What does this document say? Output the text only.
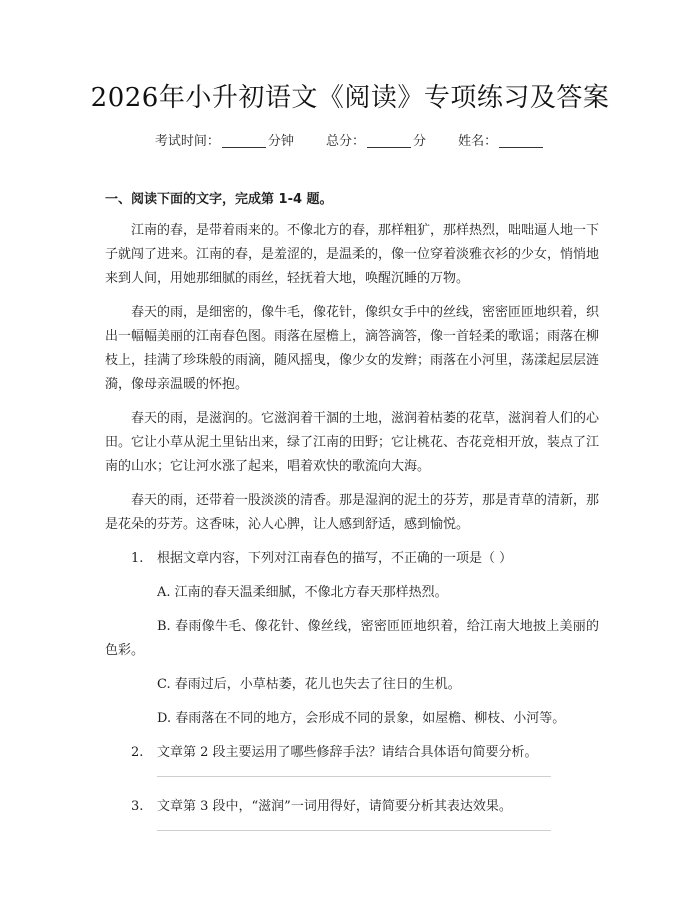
2026年小升初语文《阅读》专项练习及答案
考试时间：	分钟 总分：	分 姓名：
一、阅读下面的文字，完成第 1-4 题。

江南的春，是带着雨来的。不像北方的春，那样粗犷，那样热烈，咄咄逼人地一下子就闯了进来。江南的春，是羞涩的，是温柔的，像一位穿着淡雅衣衫的少女，悄悄地来到人间，用她那细腻的雨丝，轻抚着大地，唤醒沉睡的万物。

春天的雨，是细密的，像牛毛，像花针，像织女手中的丝线，密密匝匝地织着，织出一幅幅美丽的江南春色图。雨落在屋檐上，滴答滴答，像一首轻柔的歌谣；雨落在柳枝上，挂满了珍珠般的雨滴，随风摇曳，像少女的发辫；雨落在小河里，荡漾起层层涟漪，像母亲温暖的怀抱。

春天的雨，是滋润的。它滋润着干涸的土地，滋润着枯萎的花草，滋润着人们的心田。它让小草从泥土里钻出来，绿了江南的田野；它让桃花、杏花竞相开放，装点了江南的山水；它让河水涨了起来，唱着欢快的歌流向大海。

春天的雨，还带着一股淡淡的清香。那是湿润的泥土的芬芳，那是青草的清新，那是花朵的芬芳。这香味，沁人心脾，让人感到舒适，感到愉悦。

1. 根据文章内容，下列对江南春色的描写，不正确的一项是（ ）

A. 江南的春天温柔细腻，不像北方春天那样热烈。

B. 春雨像牛毛、像花针、像丝线，密密匝匝地织着，给江南大地披上美丽的色彩。

C. 春雨过后，小草枯萎，花儿也失去了往日的生机。

D. 春雨落在不同的地方，会形成不同的景象，如屋檐、柳枝、小河等。

2. 文章第 2 段主要运用了哪些修辞手法？请结合具体语句简要分析。
3. 文章第 3 段中，“滋润”一词用得好，请简要分析其表达效果。
